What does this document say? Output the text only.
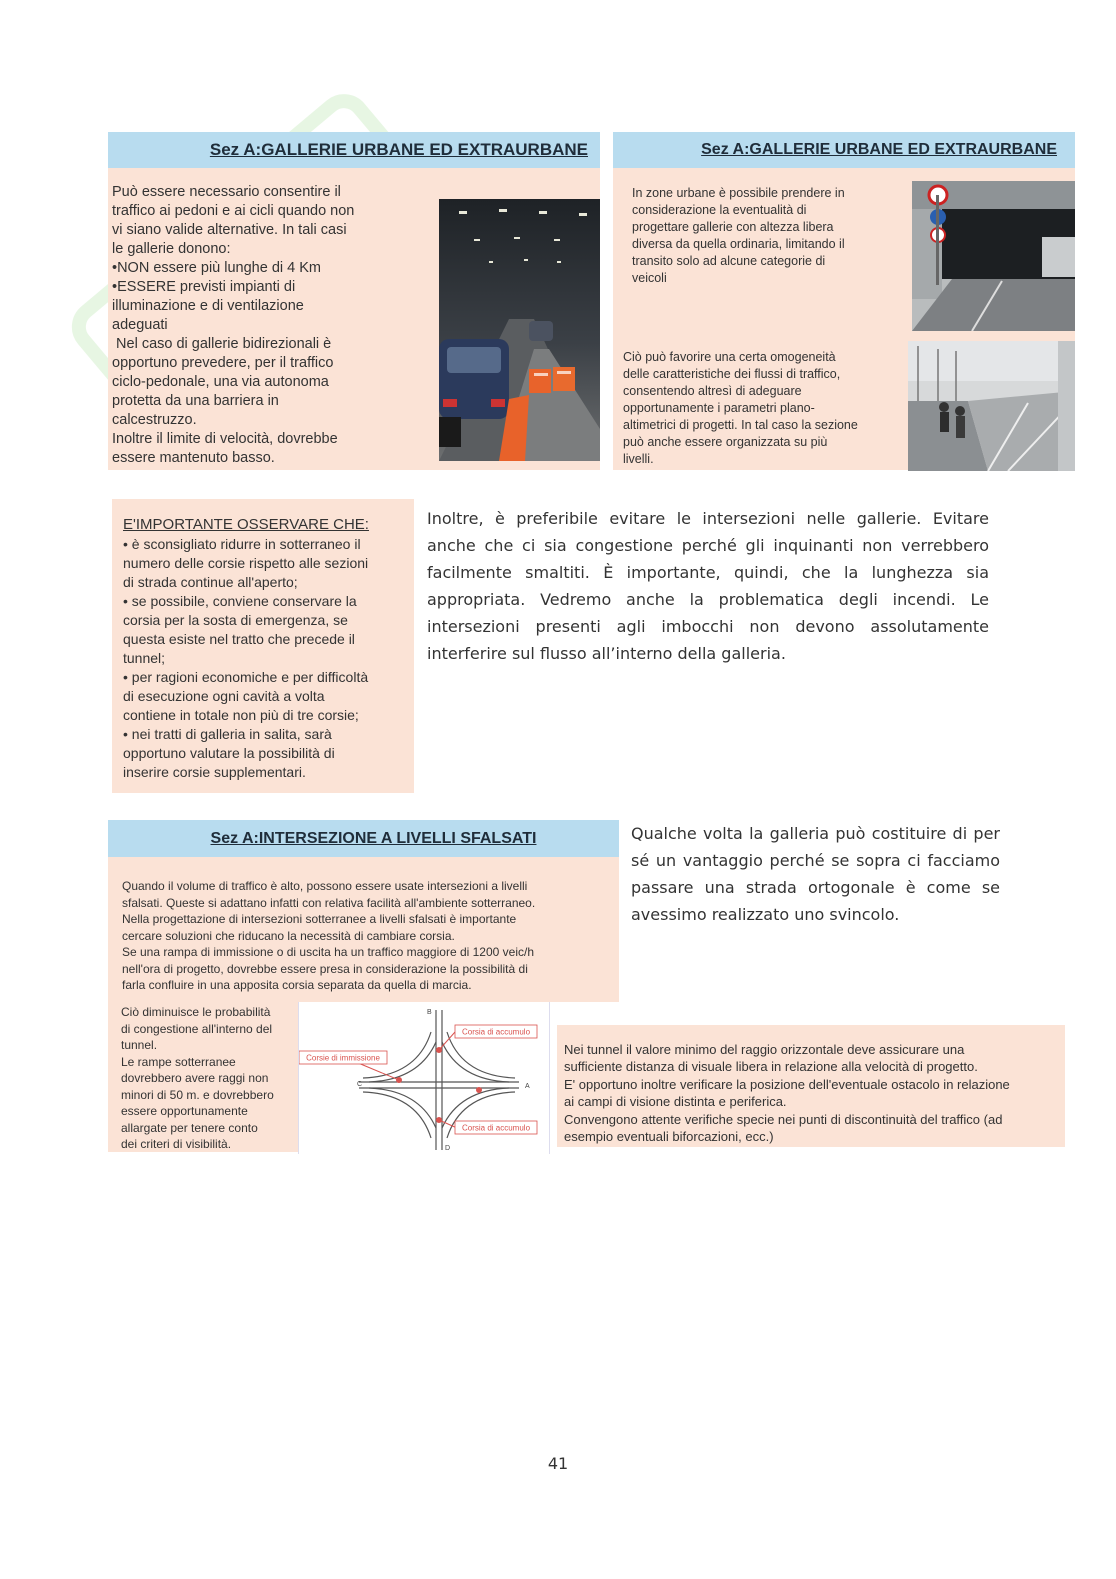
Sez A:GALLERIE URBANE ED EXTRAURBANE
Può essere necessario consentire il
traffico ai pedoni e ai cicli quando non
vi siano valide alternative. In tali casi
le gallerie donono:
•NON essere più lunghe di 4 Km
•ESSERE previsti impianti di
illuminazione e di ventilazione
adeguati
Nel caso di gallerie bidirezionali è
opportuno prevedere, per il traffico
ciclo-pedonale, una via autonoma
protetta da una barriera in
calcestruzzo.
Inoltre il limite di velocità, dovrebbe
essere mantenuto basso.
Sez A:GALLERIE URBANE ED EXTRAURBANE
In zone urbane è possibile prendere in
considerazione la eventualità di
progettare gallerie con altezza libera
diversa da quella ordinaria, limitando il
transito solo ad alcune categorie di
veicoli
Ciò può favorire una certa omogeneità
delle caratteristiche dei flussi di traffico,
consentendo altresì di adeguare
opportunamente i parametri plano-
altimetrici di progetti. In tal caso la sezione
può anche essere organizzata su più
livelli.
E'IMPORTANTE OSSERVARE CHE:
• è sconsigliato ridurre in sotterraneo il
numero delle corsie rispetto alle sezioni
di strada continue all'aperto;
• se possibile, conviene conservare la
corsia per la sosta di emergenza, se
questa esiste nel tratto che precede il
tunnel;
• per ragioni economiche e per difficoltà
di esecuzione ogni cavità a volta
contiene in totale non più di tre corsie;
• nei tratti di galleria in salita, sarà
opportuno valutare la possibilità di
inserire corsie supplementari.

Inoltre, è preferibile evitare le intersezioni nelle gallerie. Evitare anche che ci sia congestione perché gli inquinanti non verrebbero facilmente smaltiti. È importante, quindi, che la lunghezza sia appropriata. Vedremo anche la problematica degli incendi. Le intersezioni presenti agli imbocchi non devono assolutamente interferire sul flusso all’interno della galleria.

Sez A:INTERSEZIONE A LIVELLI SFALSATI
Quando il volume di traffico è alto, possono essere usate intersezioni a livelli
sfalsati. Queste si adattano infatti con relativa facilità all'ambiente sotterraneo.
Nella progettazione di intersezioni sotterranee a livelli sfalsati è importante
cercare soluzioni che riducano la necessità di cambiare corsia.
Se una rampa di immissione o di uscita ha un traffico maggiore di 1200 veic/h
nell'ora di progetto, dovrebbe essere presa in considerazione la possibilità di
farla confluire in una apposita corsia separata da quella di marcia.
Ciò diminuisce le probabilità
di congestione all'interno del
tunnel.
Le rampe sotterranee
dovrebbero avere raggi non
minori di 50 m. e dovrebbero
essere opportunamente
allargate per tenere conto
dei criteri di visibilità.
Corsia di accumulo
Corsie di immissione
Corsia di accumulo
A
B
C
D

Qualche volta la galleria può costituire di per sé un vantaggio perché se sopra ci facciamo passare una strada ortogonale è come se avessimo realizzato uno svincolo.

Nei tunnel il valore minimo del raggio orizzontale deve assicurare una
sufficiente distanza di visuale libera in relazione alla velocità di progetto.
E' opportuno inoltre verificare la posizione dell'eventuale ostacolo in relazione
ai campi di visione distinta e periferica.
Convengono attente verifiche specie nei punti di discontinuità del traffico (ad
esempio eventuali biforcazioni, ecc.)
41
